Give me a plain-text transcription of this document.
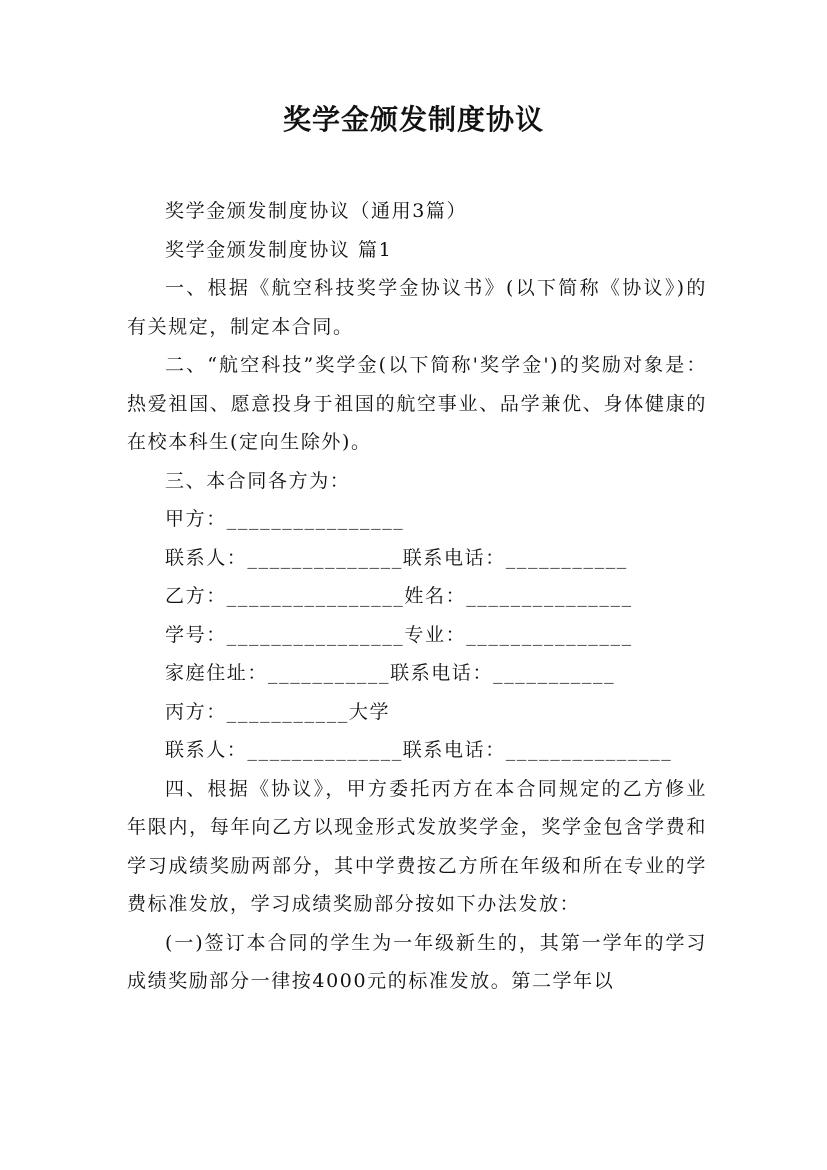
奖学金颁发制度协议

奖学金颁发制度协议（通用3篇）

奖学金颁发制度协议 篇1

一、根据《航空科技奖学金协议书》(以下简称《协议》)的有关规定，制定本合同。

二、“航空科技”奖学金(以下简称'奖学金')的奖励对象是：热爱祖国、愿意投身于祖国的航空事业、品学兼优、身体健康的在校本科生(定向生除外)。

三、本合同各方为：

甲方：________________

联系人：______________联系电话：___________

乙方：________________姓名：_______________

学号：________________专业：_______________

家庭住址：___________联系电话：___________

丙方：___________大学

联系人：______________联系电话：_______________

四、根据《协议》，甲方委托丙方在本合同规定的乙方修业年限内，每年向乙方以现金形式发放奖学金，奖学金包含学费和学习成绩奖励两部分，其中学费按乙方所在年级和所在专业的学费标准发放，学习成绩奖励部分按如下办法发放：

(一)签订本合同的学生为一年级新生的，其第一学年的学习成绩奖励部分一律按4000元的标准发放。第二学年以
